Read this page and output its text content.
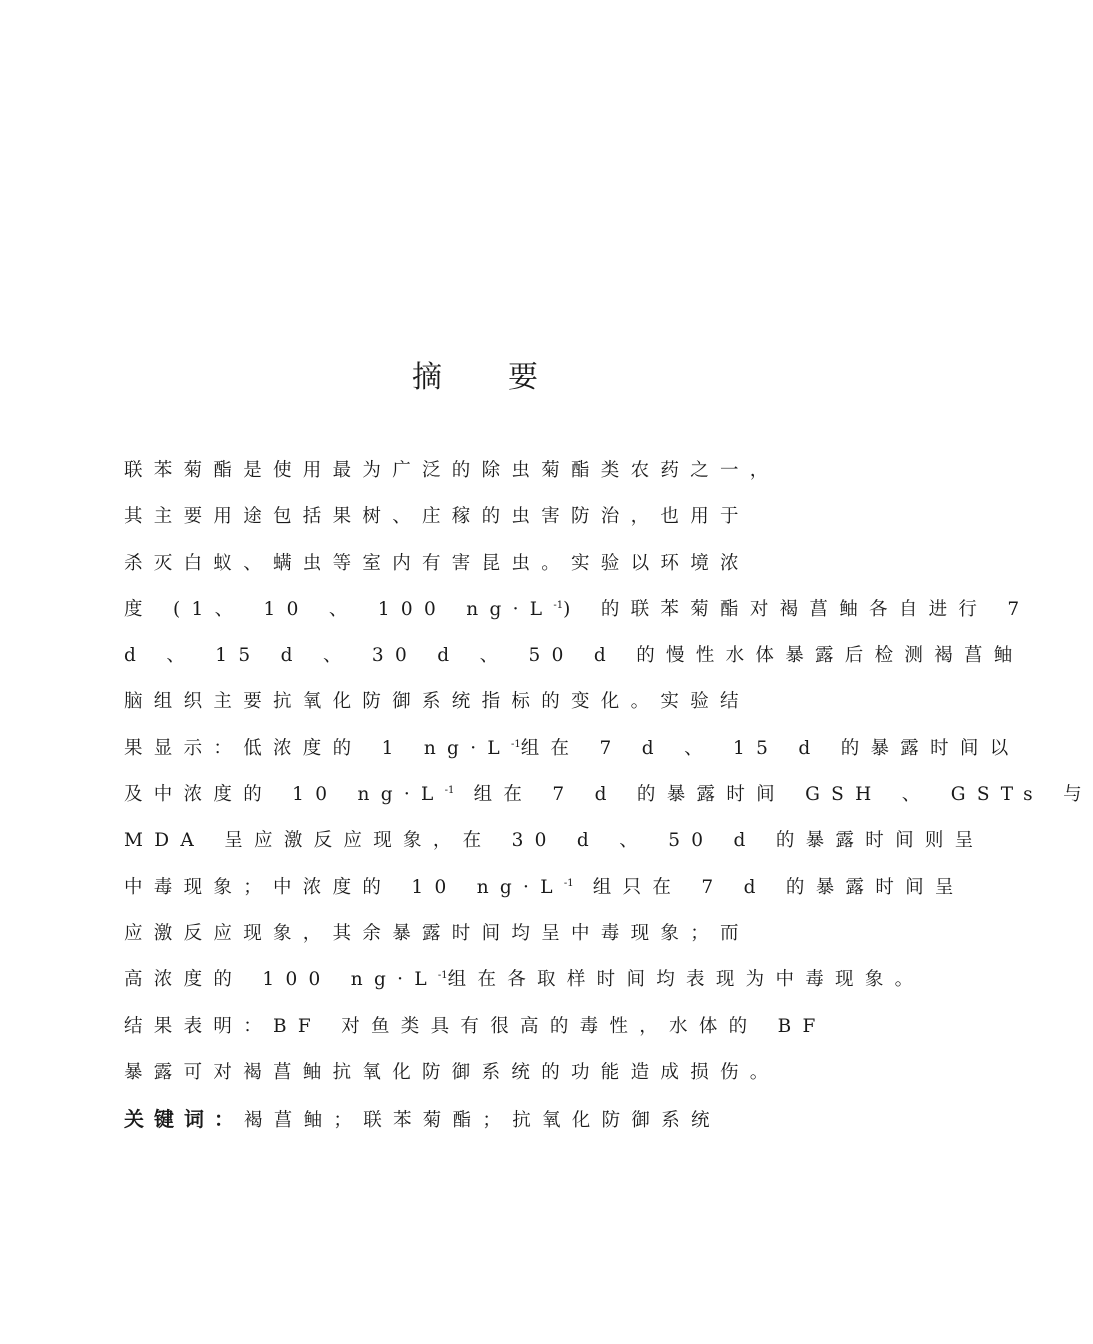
摘要
联苯菊酯是使用最为广泛的除虫菊酯类农药之一，
其主要用途包括果树、庄稼的虫害防治，也用于
杀灭白蚁、螨虫等室内有害昆虫。实验以环境浓
度 (1、 10 、 100 $ng\cdot L^{-1}$) 的联苯菊酯对褐菖鲉各自进行 7
d 、 15 d 、 30 d 、 50 d 的慢性水体暴露后检测褐菖鲉
脑组织主要抗氧化防御系统指标的变化。实验结
果显示：低浓度的 1 $ng\cdot L^{-1}$组在 7 d 、 15 d 的暴露时间以
及中浓度的 10 $ng\cdot L^{-1}$ 组在 7 d 的暴露时间 GSH 、 GSTs 与
MDA 呈应激反应现象，在 30 d 、 50 d 的暴露时间则呈
中毒现象；中浓度的 10 $ng\cdot L^{-1}$ 组只在 7 d 的暴露时间呈
应激反应现象，其余暴露时间均呈中毒现象；而
高浓度的 100 $ng\cdot L^{-1}$组在各取样时间均表现为中毒现象。
结果表明：BF 对鱼类具有很高的毒性，水体的 BF
暴露可对褐菖鲉抗氧化防御系统的功能造成损伤。
关键词：褐菖鲉；联苯菊酯；抗氧化防御系统
